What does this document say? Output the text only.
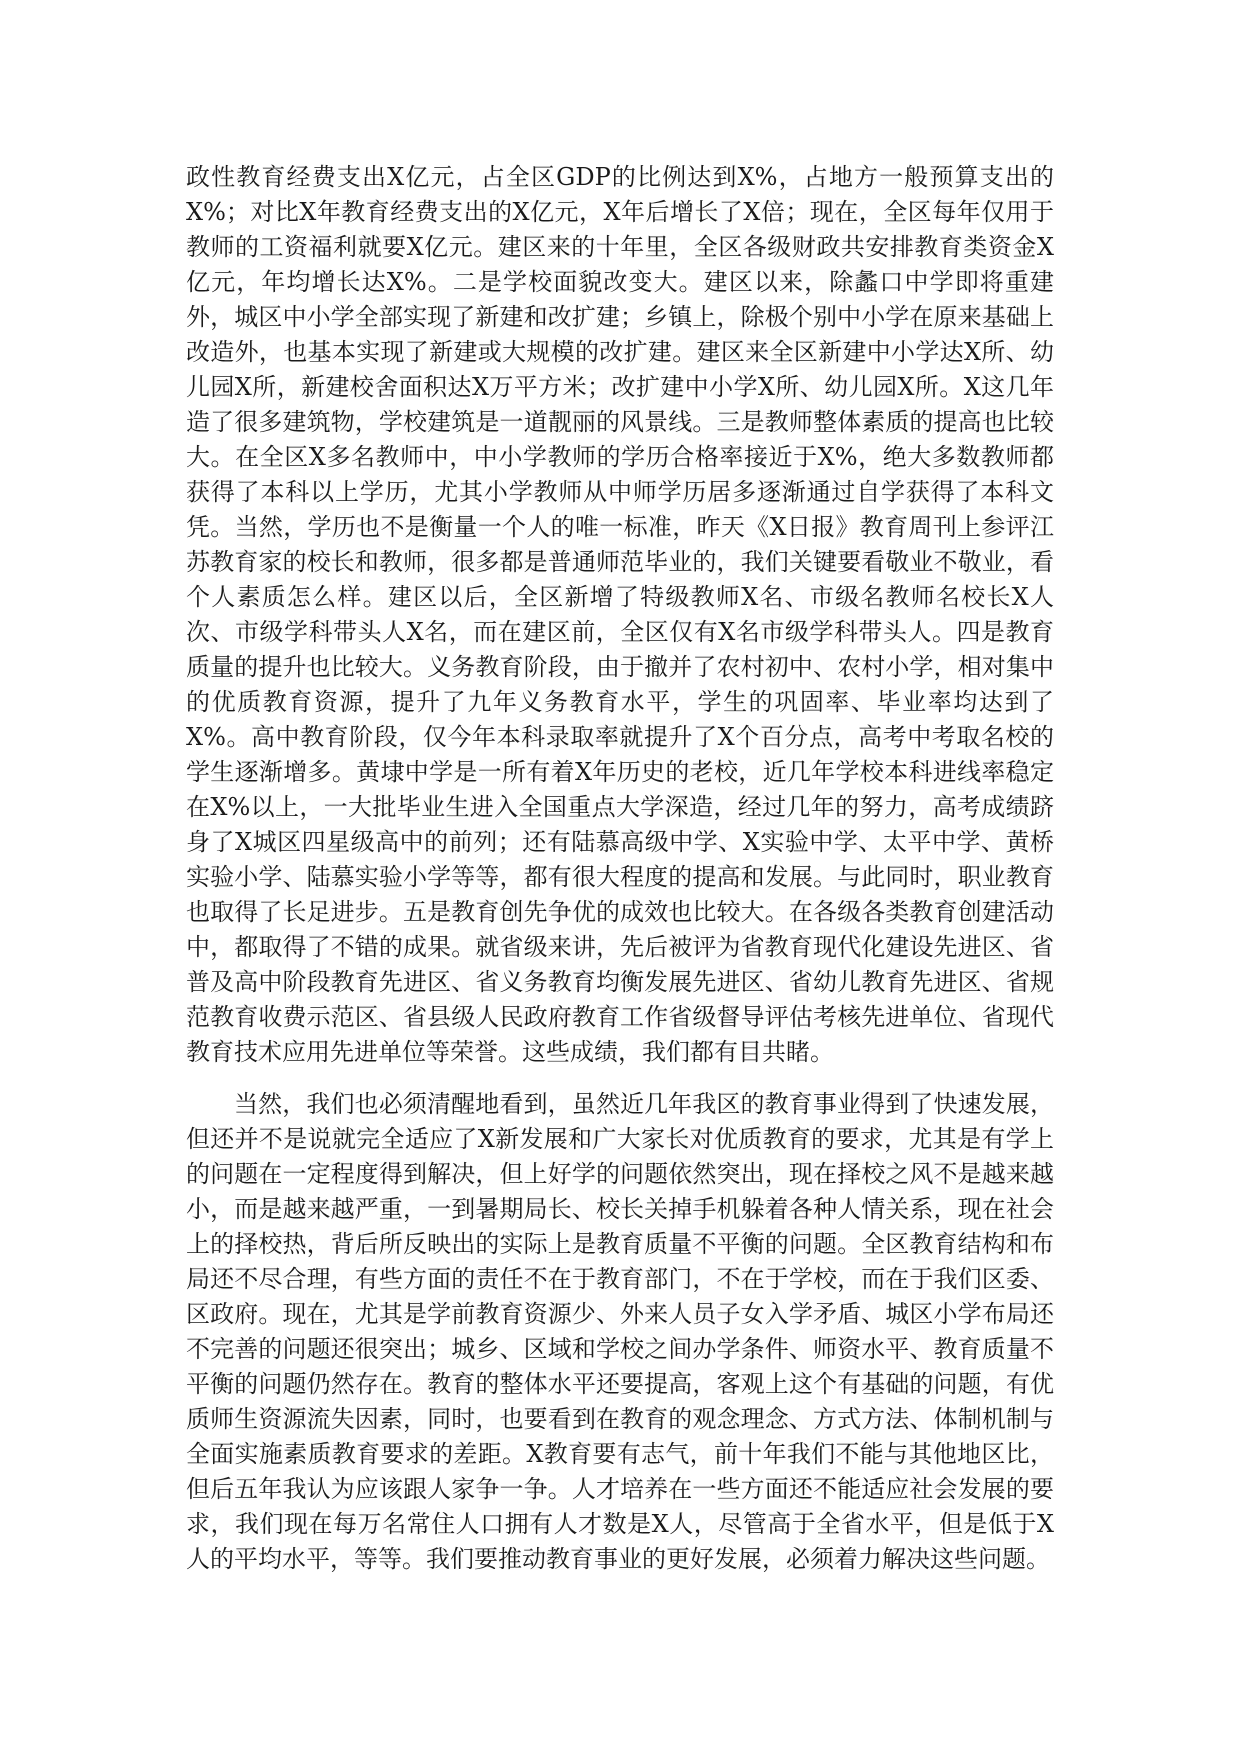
政性教育经费支出X亿元，占全区GDP的比例达到X%，占地方一般预算支出的X%；对比X年教育经费支出的X亿元，X年后增长了X倍；现在，全区每年仅用于教师的工资福利就要X亿元。建区来的十年里，全区各级财政共安排教育类资金X亿元，年均增长达X%。二是学校面貌改变大。建区以来，除蠡口中学即将重建外，城区中小学全部实现了新建和改扩建；乡镇上，除极个别中小学在原来基础上改造外，也基本实现了新建或大规模的改扩建。建区来全区新建中小学达X所、幼儿园X所，新建校舍面积达X万平方米；改扩建中小学X所、幼儿园X所。X这几年造了很多建筑物，学校建筑是一道靓丽的风景线。三是教师整体素质的提高也比较大。在全区X多名教师中，中小学教师的学历合格率接近于X%，绝大多数教师都获得了本科以上学历，尤其小学教师从中师学历居多逐渐通过自学获得了本科文凭。当然，学历也不是衡量一个人的唯一标准，昨天《X日报》教育周刊上参评江苏教育家的校长和教师，很多都是普通师范毕业的，我们关键要看敬业不敬业，看个人素质怎么样。建区以后，全区新增了特级教师X名、市级名教师名校长X人次、市级学科带头人X名，而在建区前，全区仅有X名市级学科带头人。四是教育质量的提升也比较大。义务教育阶段，由于撤并了农村初中、农村小学，相对集中的优质教育资源，提升了九年义务教育水平，学生的巩固率、毕业率均达到了X%。高中教育阶段，仅今年本科录取率就提升了X个百分点，高考中考取名校的学生逐渐增多。黄埭中学是一所有着X年历史的老校，近几年学校本科进线率稳定在X%以上，一大批毕业生进入全国重点大学深造，经过几年的努力，高考成绩跻身了X城区四星级高中的前列；还有陆慕高级中学、X实验中学、太平中学、黄桥实验小学、陆慕实验小学等等，都有很大程度的提高和发展。与此同时，职业教育也取得了长足进步。五是教育创先争优的成效也比较大。在各级各类教育创建活动中，都取得了不错的成果。就省级来讲，先后被评为省教育现代化建设先进区、省普及高中阶段教育先进区、省义务教育均衡发展先进区、省幼儿教育先进区、省规范教育收费示范区、省县级人民政府教育工作省级督导评估考核先进单位、省现代教育技术应用先进单位等荣誉。这些成绩，我们都有目共睹。

当然，我们也必须清醒地看到，虽然近几年我区的教育事业得到了快速发展，但还并不是说就完全适应了X新发展和广大家长对优质教育的要求，尤其是有学上的问题在一定程度得到解决，但上好学的问题依然突出，现在择校之风不是越来越小，而是越来越严重，一到暑期局长、校长关掉手机躲着各种人情关系，现在社会上的择校热，背后所反映出的实际上是教育质量不平衡的问题。全区教育结构和布局还不尽合理，有些方面的责任不在于教育部门，不在于学校，而在于我们区委、区政府。现在，尤其是学前教育资源少、外来人员子女入学矛盾、城区小学布局还不完善的问题还很突出；城乡、区域和学校之间办学条件、师资水平、教育质量不平衡的问题仍然存在。教育的整体水平还要提高，客观上这个有基础的问题，有优质师生资源流失因素，同时，也要看到在教育的观念理念、方式方法、体制机制与全面实施素质教育要求的差距。X教育要有志气，前十年我们不能与其他地区比，但后五年我认为应该跟人家争一争。人才培养在一些方面还不能适应社会发展的要求，我们现在每万名常住人口拥有人才数是X人，尽管高于全省水平，但是低于X人的平均水平，等等。我们要推动教育事业的更好发展，必须着力解决这些问题。
